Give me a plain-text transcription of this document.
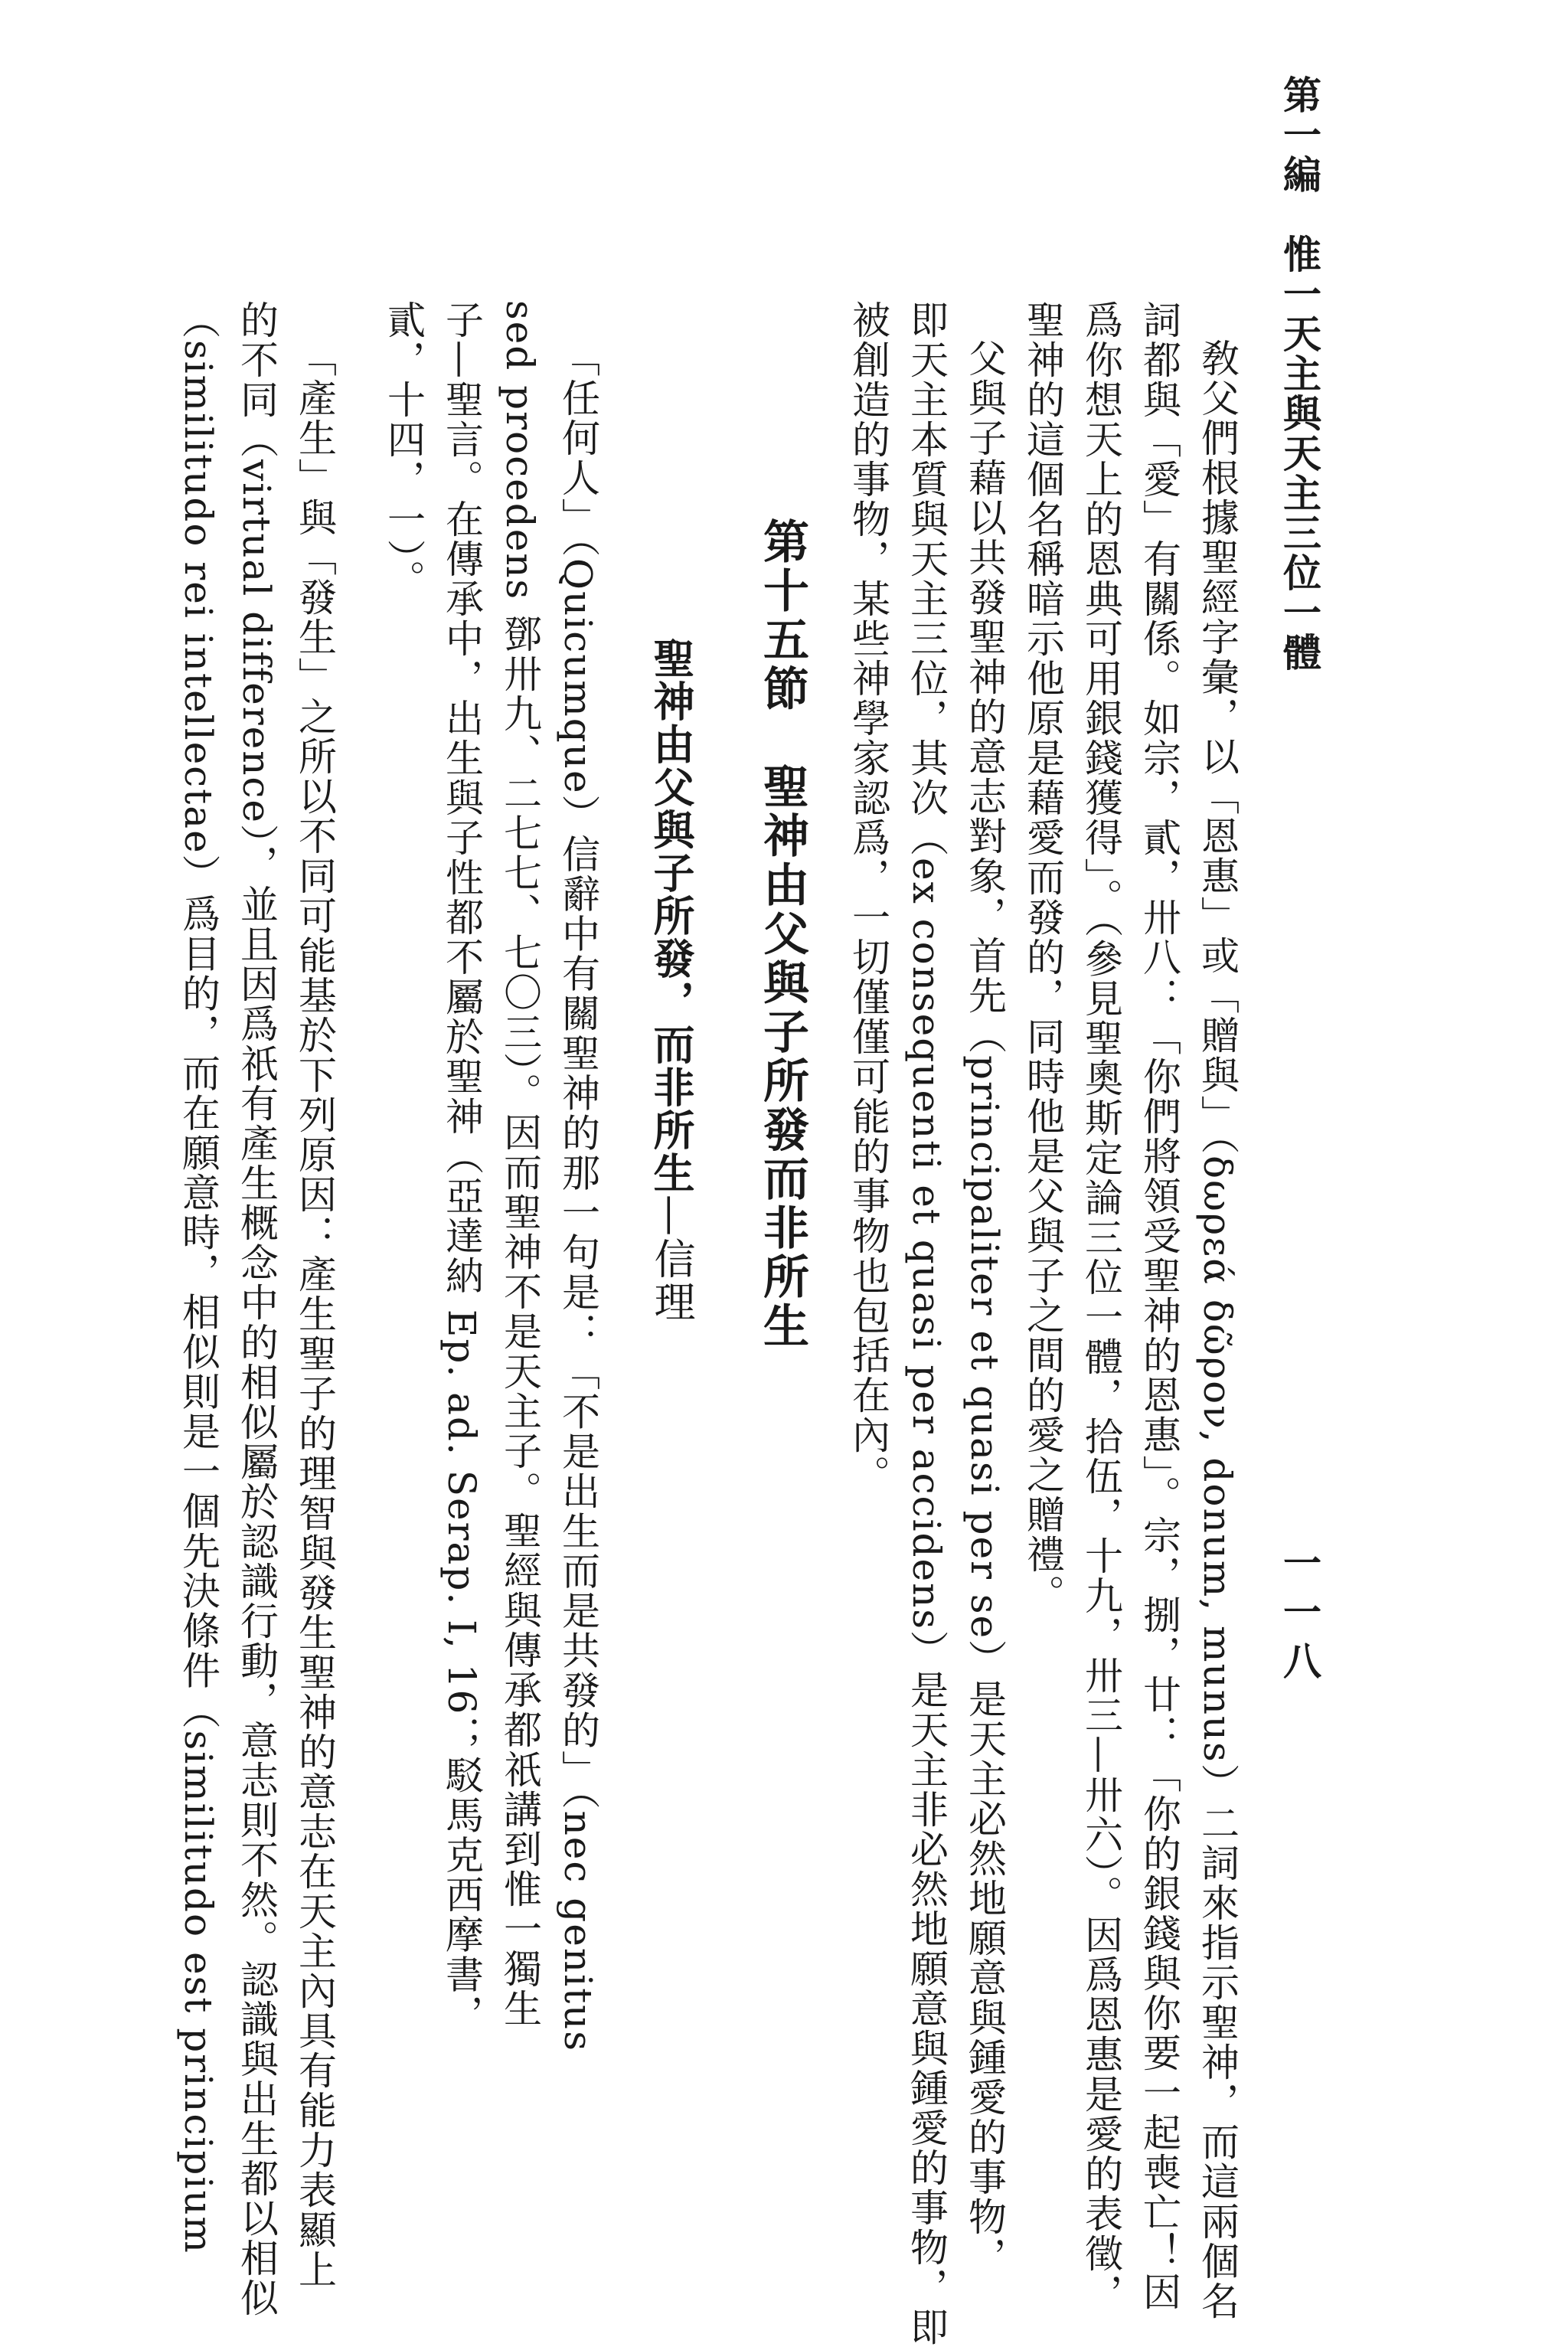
第一編　惟一天主與天主三位一體
一一八
敎父們根據聖經字彙，以「恩惠」或「贈與」（δωρεά δῶρον, donum, munus）二詞來指示聖神，而這兩個名
詞都與「愛」有關係。如宗，貳，卅八：「你們將領受聖神的恩惠」。宗，捌，廿：「你的銀錢與你要一起喪亡！因
爲你想天上的恩典可用銀錢獲得」。（參見聖奧斯定論三位一體，拾伍，十九，卅三—卅六）。因爲恩惠是愛的表徵，
聖神的這個名稱暗示他原是藉愛而發的，同時他是父與子之間的愛之贈禮。
父與子藉以共發聖神的意志對象，首先（principaliter et quasi per se）是天主必然地願意與鍾愛的事物，
即天主本質與天主三位，其次（ex consequenti et quasi per accidens）是天主非必然地願意與鍾愛的事物，即
被創造的事物，某些神學家認爲，一切僅僅可能的事物也包括在內。
第十五節　聖神由父與子所發而非所生
聖神由父與子所發，而非所生—信理
「任何人」（Quicumque）信辭中有關聖神的那一句是：「不是出生而是共發的」（nec genitus
sed procedens 鄧卅九、二七七、七〇三）。因而聖神不是天主子。聖經與傳承都祇講到惟一獨生
子—聖言。在傳承中，出生與子性都不屬於聖神（亞達納 Ep. ad. Serap. I, 16；駁馬克西摩書，
貳，十四，一）。
「產生」與「發生」之所以不同可能基於下列原因：產生聖子的理智與發生聖神的意志在天主內具有能力表顯上
的不同（virtual difference），並且因爲祇有產生概念中的相似屬於認識行動，意志則不然。認識與出生都以相似
（similitudo rei intellectae）爲目的，而在願意時，相似則是一個先決條件（similitudo est principium
